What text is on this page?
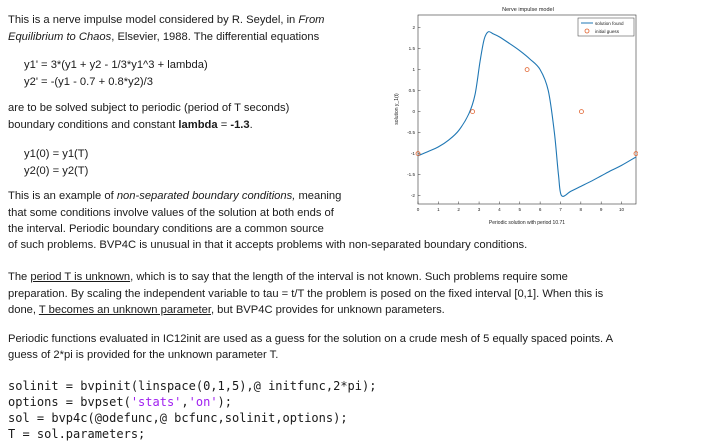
This is a nerve impulse model considered by R. Seydel, in From

Equilibrium to Chaos, Elsevier, 1988. The differential equations

y1' = 3*(y1 + y2 - 1/3*y1^3 + lambda)
y2' = -(y1 - 0.7 + 0.8*y2)/3

are to be solved subject to periodic (period of T seconds)

boundary conditions and constant lambda = -1.3.

y1(0) = y1(T)
y2(0) = y2(T)

This is an example of non-separated boundary conditions, meaning

that some conditions involve values of the solution at both ends of

the interval. Periodic boundary conditions are a common source

of such problems. BVP4C is unusual in that it accepts problems with non-separated boundary conditions.

The period T is unknown, which is to say that the length of the interval is not known. Such problems require some

preparation. By scaling the independent variable to tau = t/T the problem is posed on the fixed interval [0,1]. When this is

done, T becomes an unknown parameter, but BVP4C provides for unknown parameters.

Periodic functions evaluated in IC12init are used as a guess for the solution on a crude mesh of 5 equally spaced points. A

guess of 2*pi is provided for the unknown parameter T.

solinit = bvpinit(linspace(0,1,5),@ initfunc,2*pi);
options = bvpset('stats','on');
sol = bvp4c(@odefunc,@ bcfunc,solinit,options);
T = sol.parameters;
Nerve impulse model
-2
-1.5
-1
-0.5
0
0.5
1
1.5
2
0	1	2	3	4	5	6	7	8	9	10
solution y_1(t)
Periodic solution with period 10.71
solution found
initial guess
